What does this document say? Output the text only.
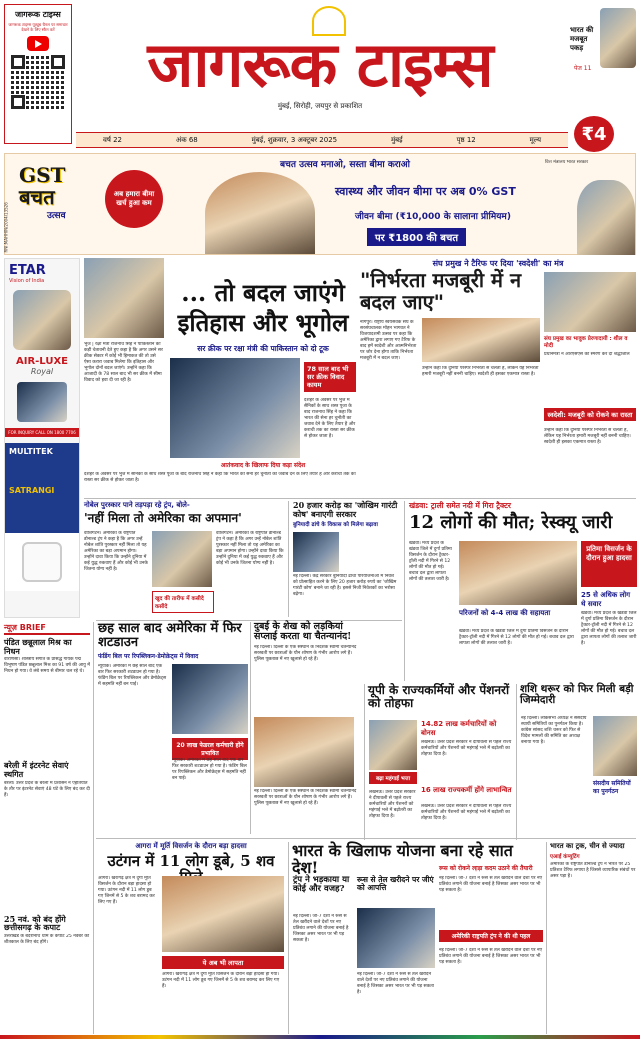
जागरूक टाइम्स
जागरूक टाइम्स यूट्यूब चैनल पर समाचार देखने के लिए स्कैन करें	जागरूक टाइम्स
मुंबई, सिरोही, जयपुर से प्रकाशित
भारत की मजबूत पकड़
पेज 11
वर्ष 22	अंक 68	मुंबई, शुक्रवार, 3 अक्टूबर 2025	मुंबई	पृष्ठ 12	मूल्य ₹4
बचत उत्सव मनाओ, सस्ता बीमा कराओ
GST बचत
उत्सव
अब हमारा बीमा खर्च हुआ कम
स्वास्थ्य और जीवन बीमा पर अब 0% GST
जीवन बीमा (₹10,000 के सालाना प्रीमियम)
पर ₹1800 की बचत
वित्त मंत्रालय भारत सरकार
ETAR
Vision of India
AIR-LUXE
Royal
FOR INQUIRY CALL ON 1800 7706
MULTITEK
SATRANGI
RNI:MAHHIN/2004/13526
भुज | रक्षा मंत्री राजनाथ सिंह ने पाकिस्तान को कड़ी चेतावनी देते हुए कहा है कि अगर उसने सर क्रीक सेक्टर में कोई भी हिमाकत की तो उसे ऐसा करारा जवाब मिलेगा कि इतिहास और भूगोल दोनों बदल जाएंगे। उन्होंने कहा कि आजादी के 78 साल बाद भी सर क्रीक में सीमा विवाद को हवा दी जा रही है।
... तो बदल जाएंगे
इतिहास और भूगोल
सर क्रीक पर रक्षा मंत्री की पाकिस्तान को दो टूक
78 साल बाद भी सर क्रीक विवाद कायम
दशहरे के अवसर पर भुज में सैनिकों के साथ शस्त्र पूजा के बाद राजनाथ सिंह ने कहा कि भारत की सेना हर चुनौती का जवाब देने के लिए तैयार है और कराची तक का रास्ता सर क्रीक से होकर जाता है।
आतंकवाद के खिलाफ दिया कड़ा संदेश
दशहरे के अवसर पर भुज में सैनिकों के साथ शस्त्र पूजा के बाद राजनाथ सिंह ने कहा कि भारत की सेना हर चुनौती का जवाब देने के लिए तैयार है और कराची तक का रास्ता सर क्रीक से होकर जाता है।
संघ प्रमुख ने टैरिफ पर दिया 'स्वदेशी' का मंत्र
"निर्भरता मजबूरी में न बदल जाए"
नागपुर। राष्ट्रीय स्वयंसेवक संघ के सरसंघचालक मोहन भागवत ने विजयादशमी उत्सव पर कहा कि अमेरिका द्वारा लगाए गए टैरिफ के बाद हमें स्वदेशी और आत्मनिर्भरता पर जोर देना होगा ताकि निर्भरता मजबूरी में न बदल जाए।
उन्होंने कहा कि दुनिया परस्पर निर्भरता से चलती है, लेकिन यह निर्भरता हमारी मजबूरी नहीं बननी चाहिए। स्वदेशी ही इसका एकमात्र रास्ता है।
संघ प्रमुख का भावुक प्रेरणादायी : शील व मोदी
प्रधानमंत्री ने आरएसएस को स्मरण कर दी श्रद्धांजलि
स्वदेशी: मजबूरी को रोकने का रास्ता
उन्होंने कहा कि दुनिया परस्पर निर्भरता से चलती है, लेकिन यह निर्भरता हमारी मजबूरी नहीं बननी चाहिए। स्वदेशी ही इसका एकमात्र रास्ता है।
नोबेल पुरस्कार पाने तड़पड़ा रहे ट्रंप, बोले-
'नहीं मिला तो अमेरिका का अपमान'
वाशिंगटन। अमेरिका के राष्ट्रपति डोनाल्ड ट्रंप ने कहा है कि अगर उन्हें नोबेल शांति पुरस्कार नहीं मिला तो यह अमेरिका का बड़ा अपमान होगा। उन्होंने दावा किया कि उन्होंने दुनिया में कई युद्ध रुकवाए हैं और कोई भी उनके जितना योग्य नहीं है।
वाशिंगटन। अमेरिका के राष्ट्रपति डोनाल्ड ट्रंप ने कहा है कि अगर उन्हें नोबेल शांति पुरस्कार नहीं मिला तो यह अमेरिका का बड़ा अपमान होगा। उन्होंने दावा किया कि उन्होंने दुनिया में कई युद्ध रुकवाए हैं और कोई भी उनके जितना योग्य नहीं है।
खुद की तारीफ में कसीदे कसीदे
20 हजार करोड़ का 'जोखिम गारंटी कोष' बनाएगी सरकार
बुनियादी ढांचे के विकास को मिलेगा बढ़ावा
नई दिल्ली। केंद्र सरकार बुनियादी ढांचा परियोजनाओं में निवेश को प्रोत्साहित करने के लिए 20 हजार करोड़ रुपये का 'जोखिम गारंटी कोष' बनाने जा रही है। इससे निजी निवेशकों का भरोसा बढ़ेगा।
खंडवा: ट्राली समेत नदी में गिरा ट्रैक्टर
12 लोगों की मौत; रेस्क्यू जारी
खंडवा। मध्य प्रदेश के खंडवा जिले में दुर्गा प्रतिमा विसर्जन के दौरान ट्रैक्टर-ट्रॉली नदी में गिरने से 12 लोगों की मौत हो गई। बचाव दल द्वारा लापता लोगों की तलाश जारी है।
प्रतिमा विसर्जन के दौरान हुआ हादसा
परिजनों को 4-4 लाख की सहायता
25 से अधिक लोग थे सवार
खंडवा। मध्य प्रदेश के खंडवा जिले में दुर्गा प्रतिमा विसर्जन के दौरान ट्रैक्टर-ट्रॉली नदी में गिरने से 12 लोगों की मौत हो गई। बचाव दल द्वारा लापता लोगों की तलाश जारी है।
खंडवा। मध्य प्रदेश के खंडवा जिले में दुर्गा प्रतिमा विसर्जन के दौरान ट्रैक्टर-ट्रॉली नदी में गिरने से 12 लोगों की मौत हो गई। बचाव दल द्वारा लापता लोगों की तलाश जारी है।
न्यूज़ BRIEF
पंडित छन्नूलाल मिश्र का निधन
वाराणसी। शास्त्रीय संगीत के प्रसिद्ध गायक पद्म विभूषण पंडित छन्नूलाल मिश्र का 91 वर्ष की आयु में निधन हो गया। वे लंबे समय से बीमार चल रहे थे।
बरेली में इंटरनेट सेवाएं स्थगित
बरेली। उत्तर प्रदेश के बरेली में प्रशासन ने एहतियात के तौर पर इंटरनेट सेवाएं 48 घंटे के लिए बंद कर दी हैं।
25 नवं. को बंद होंगे छत्तीसगढ़ के कपाट
उत्तराखंड के बदरीनाथ धाम के कपाट 25 नवंबर को शीतकाल के लिए बंद होंगे।
छह साल बाद अमेरिका में फिर शटडाउन
फंडिंग बिल पर रिपब्लिकन-डेमोक्रेट्स में विवाद
न्यूयॉर्क। अमेरिका में छह साल बाद एक बार फिर सरकारी शटडाउन हो गया है। फंडिंग बिल पर रिपब्लिकन और डेमोक्रेट्स में सहमति नहीं बन पाई।
20 लाख फेडरल कर्मचारी होंगे प्रभावित
न्यूयॉर्क। अमेरिका में छह साल बाद एक बार फिर सरकारी शटडाउन हो गया है। फंडिंग बिल पर रिपब्लिकन और डेमोक्रेट्स में सहमति नहीं बन पाई।
दुबई के शेख को लड़कियां सप्लाई करता था चैतन्यानंद!
नई दिल्ली। दिल्ली के एक संस्थान के निदेशक स्वामी चैतन्यानंद सरस्वती पर छात्राओं के यौन शोषण के गंभीर आरोप लगे हैं। पुलिस पूछताछ में नए खुलासे हो रहे हैं।
नई दिल्ली। दिल्ली के एक संस्थान के निदेशक स्वामी चैतन्यानंद सरस्वती पर छात्राओं के यौन शोषण के गंभीर आरोप लगे हैं। पुलिस पूछताछ में नए खुलासे हो रहे हैं।
यूपी के राज्यकर्मियों और पेंशनरों को तोहफा
बढ़ा महंगाई भत्ता
14.82 लाख कर्मचारियों को बोनस
लखनऊ। उत्तर प्रदेश सरकार ने दीपावली से पहले राज्य कर्मचारियों और पेंशनरों को महंगाई भत्ते में बढ़ोतरी का तोहफा दिया है।
16 लाख राज्यकर्मी होंगे लाभान्वित
लखनऊ। उत्तर प्रदेश सरकार ने दीपावली से पहले राज्य कर्मचारियों और पेंशनरों को महंगाई भत्ते में बढ़ोतरी का तोहफा दिया है।
लखनऊ। उत्तर प्रदेश सरकार ने दीपावली से पहले राज्य कर्मचारियों और पेंशनरों को महंगाई भत्ते में बढ़ोतरी का तोहफा दिया है।
शशि थरूर को फिर मिली बड़ी जिम्मेदारी
नई दिल्ली। लोकसभा अध्यक्ष ने संसदीय स्थायी समितियों का पुनर्गठन किया है। कांग्रेस सांसद शशि थरूर को फिर से विदेश मामलों की समिति का अध्यक्ष बनाया गया है।
संसदीय समितियों का पुनर्गठन
आगरा में मूर्ति विसर्जन के दौरान बड़ा हादसा
उटंगन में 11 लोग डूबे, 5 शव
आगरा। खेरागढ़ क्षेत्र में दुर्गा मूर्ति विसर्जन के दौरान बड़ा हादसा हो गया। उटंगन नदी में 11 लोग डूब गए जिनमें से 5 के शव बरामद कर लिए गए हैं।
ये अब भी लापता
आगरा। खेरागढ़ क्षेत्र में दुर्गा मूर्ति विसर्जन के दौरान बड़ा हादसा हो गया। उटंगन नदी में 11 लोग डूब गए जिनमें से 5 के शव बरामद कर लिए गए हैं।
भारत के खिलाफ योजना बना रहे सात देश!	रूस को रोकने ला़ड़ा कदम उठाने की तैयारी
ट्रंप ने भड़काया या कोई और वजह?
नई दिल्ली। जी-7 देशों ने रूस से तेल खरीदने वाले देशों पर नए प्रतिबंध लगाने की योजना बनाई है जिसका असर भारत पर भी पड़ सकता है।
रूस से तेल खरीदने पर जीएं को आपत्ति
नई दिल्ली। जी-7 देशों ने रूस से तेल खरीदने वाले देशों पर नए प्रतिबंध लगाने की योजना बनाई है जिसका असर भारत पर भी पड़ सकता है।
नई दिल्ली। जी-7 देशों ने रूस से तेल खरीदने वाले देशों पर नए प्रतिबंध लगाने की योजना बनाई है जिसका असर भारत पर भी पड़ सकता है।
अमेरिकी राष्ट्रपति ट्रंप ने की थी पहल
नई दिल्ली। जी-7 देशों ने रूस से तेल खरीदने वाले देशों पर नए प्रतिबंध लगाने की योजना बनाई है जिसका असर भारत पर भी पड़ सकता है।
भारत का ट्रक, चीन से ज्यादा
एआई कंप्यूटिंग
अमेरिका के राष्ट्रपति डोनाल्ड ट्रंप ने भारत पर 25 प्रतिशत टैरिफ लगाया है जिससे व्यापारिक संबंधों पर असर पड़ा है।
